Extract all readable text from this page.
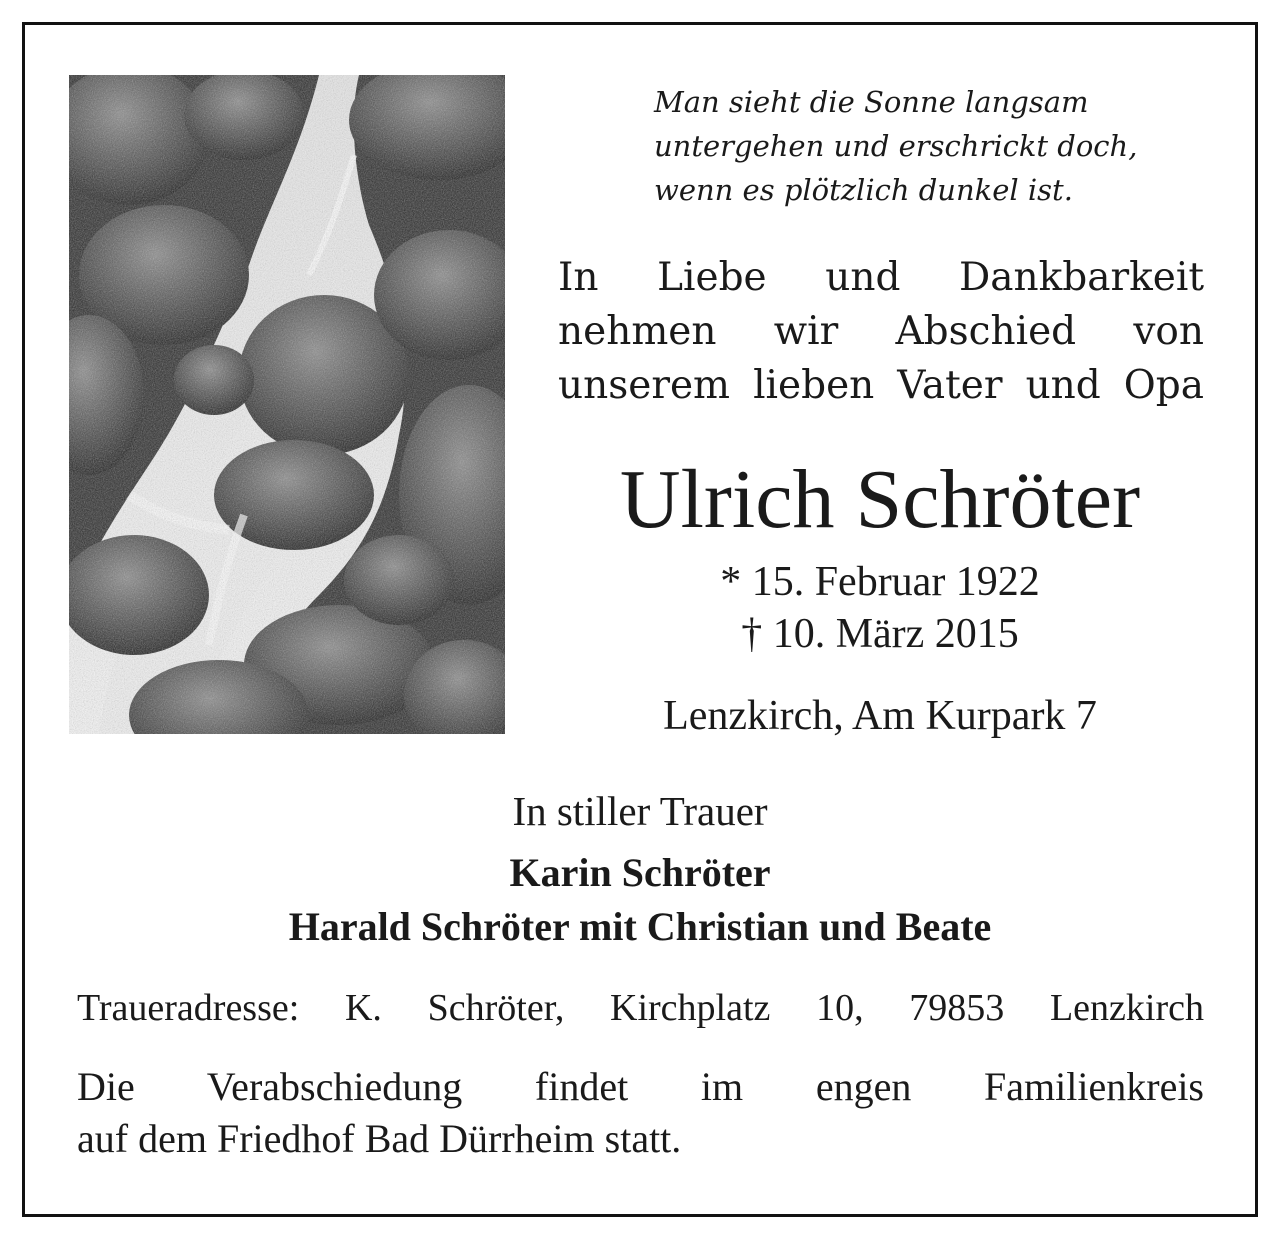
Man sieht die Sonne langsam
untergehen und erschrickt doch,
wenn es plötzlich dunkel ist.
In Liebe und Dankbarkeit
nehmen wir Abschied von
unserem lieben Vater und Opa
Ulrich Schröter
* 15. Februar 1922
† 10. März 2015
Lenzkirch, Am Kurpark 7
In stiller Trauer
Karin Schröter
Harald Schröter mit Christian und Beate
Traueradresse: K. Schröter, Kirchplatz 10, 79853 Lenzkirch
Die Verabschiedung findet im engen Familienkreis
auf dem Friedhof Bad Dürrheim statt.
